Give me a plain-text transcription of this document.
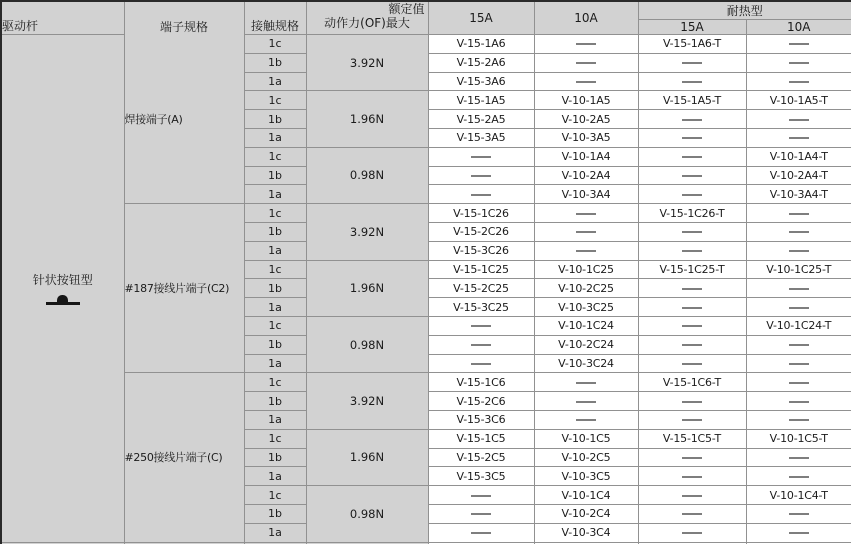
驱动杆	端子规格	接触规格	额定值
动作力(OF)最大	15A	10A	耐热型	
						15A	10A

针状按钮型	焊接端子(A)	1c	3.92N	V-15-1A6		V-15-1A6-T	
		1b		V-15-2A6			
		1a		V-15-3A6			
		1c	1.96N	V-15-1A5	V-10-1A5	V-15-1A5-T	V-10-1A5-T
		1b		V-15-2A5	V-10-2A5		
		1a		V-15-3A5	V-10-3A5		
		1c	0.98N		V-10-1A4		V-10-1A4-T
		1b			V-10-2A4		V-10-2A4-T
		1a			V-10-3A4		V-10-3A4-T
	#187接线片端子(C2)	1c	3.92N	V-15-1C26		V-15-1C26-T	
		1b		V-15-2C26			
		1a		V-15-3C26			
		1c	1.96N	V-15-1C25	V-10-1C25	V-15-1C25-T	V-10-1C25-T
		1b		V-15-2C25	V-10-2C25		
		1a		V-15-3C25	V-10-3C25		
		1c	0.98N		V-10-1C24		V-10-1C24-T
		1b			V-10-2C24		
		1a			V-10-3C24		
	#250接线片端子(C)	1c	3.92N	V-15-1C6		V-15-1C6-T	
		1b		V-15-2C6			
		1a		V-15-3C6			
		1c	1.96N	V-15-1C5	V-10-1C5	V-15-1C5-T	V-10-1C5-T
		1b		V-15-2C5	V-10-2C5		
		1a		V-15-3C5	V-10-3C5		
		1c	0.98N		V-10-1C4		V-10-1C4-T
		1b			V-10-2C4		
		1a			V-10-3C4		
